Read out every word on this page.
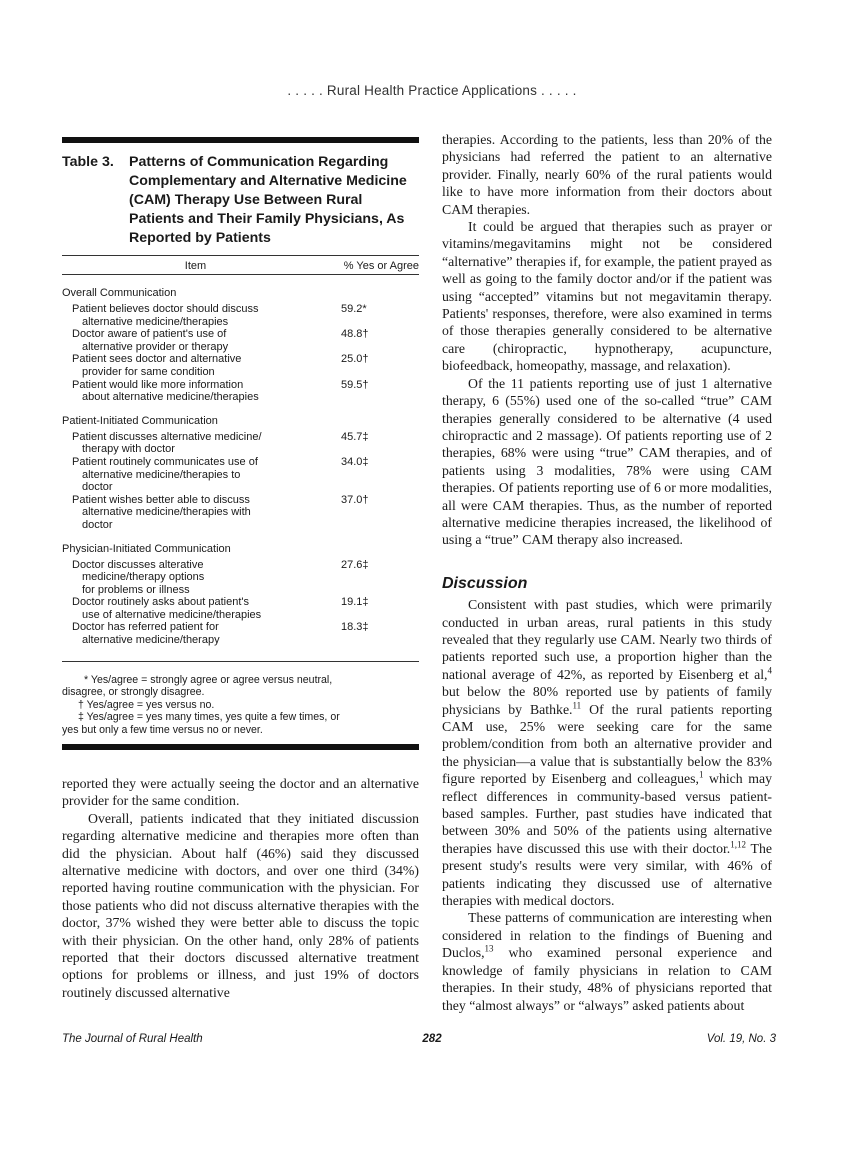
. . . . . Rural Health Practice Applications . . . . .
Table 3.	Patterns of Communication Regarding Complementary and Alternative Medicine (CAM) Therapy Use Between Rural Patients and Their Family Physicians, As Reported by Patients
Item	% Yes or Agree
Overall Communication
Patient believes doctor should discuss
alternative medicine/therapies
59.2*
Doctor aware of patient's use of
alternative provider or therapy
48.8†
Patient sees doctor and alternative
provider for same condition
25.0†
Patient would like more information
about alternative medicine/therapies
59.5†
Patient-Initiated Communication
Patient discusses alternative medicine/
therapy with doctor
45.7‡
Patient routinely communicates use of
alternative medicine/therapies to
doctor
34.0‡
Patient wishes better able to discuss
alternative medicine/therapies with
doctor
37.0†
Physician-Initiated Communication
Doctor discusses alterative
medicine/therapy options
for problems or illness
27.6‡
Doctor routinely asks about patient's
use of alternative medicine/therapies
19.1‡
Doctor has referred patient for
alternative medicine/therapy
18.3‡
* Yes/agree = strongly agree or agree versus neutral,
disagree, or strongly disagree.
† Yes/agree = yes versus no.
‡ Yes/agree = yes many times, yes quite a few times, or
yes but only a few time versus no or never.

reported they were actually seeing the doctor and an alternative provider for the same condition.

Overall, patients indicated that they initiated discussion regarding alternative medicine and therapies more often than did the physician. About half (46%) said they discussed alternative medicine with doctors, and over one third (34%) reported having routine communication with the physician. For those patients who did not discuss alternative therapies with the doctor, 37% wished they were better able to discuss the topic with their physician. On the other hand, only 28% of patients reported that their doctors discussed alternative treatment options for problems or illness, and just 19% of doctors routinely discussed alternative

therapies. According to the patients, less than 20% of the physicians had referred the patient to an alternative provider. Finally, nearly 60% of the rural patients would like to have more information from their doctors about CAM therapies.

It could be argued that therapies such as prayer or vitamins/megavitamins might not be considered “alternative” therapies if, for example, the patient prayed as well as going to the family doctor and/or if the patient was using “accepted” vitamins but not megavitamin therapy. Patients' responses, therefore, were also examined in terms of those therapies generally considered to be alternative care (chiropractic, hypnotherapy, acupuncture, biofeedback, homeopathy, massage, and relaxation).

Of the 11 patients reporting use of just 1 alternative therapy, 6 (55%) used one of the so-called “true” CAM therapies generally considered to be alternative (4 used chiropractic and 2 massage). Of patients reporting use of 2 therapies, 68% were using “true” CAM therapies, and of patients using 3 modalities, 78% were using CAM therapies. Of patients reporting use of 6 or more modalities, all were CAM therapies. Thus, as the number of reported alternative medicine therapies increased, the likelihood of using a “true” CAM therapy also increased.

Discussion

Consistent with past studies, which were primarily conducted in urban areas, rural patients in this study revealed that they regularly use CAM. Nearly two thirds of patients reported such use, a proportion higher than the national average of 42%, as reported by Eisenberg et al,$^4$ but below the 80% reported use by patients of family physicians by Bathke.$^{11}$ Of the rural patients reporting CAM use, 25% were seeking care for the same problem/condition from both an alternative provider and the physician—a value that is substantially below the 83% figure reported by Eisenberg and colleagues,$^1$ which may reflect differences in community-based versus patient-based samples. Further, past studies have indicated that between 30% and 50% of the patients using alternative therapies have discussed this use with their doctor.$^{1,12}$ The present study's results were very similar, with 46% of patients indicating they discussed use of alternative therapies with medical doctors.

These patterns of communication are interesting when considered in relation to the findings of Buening and Duclos,$^{13}$ who examined personal experience and knowledge of family physicians in relation to CAM therapies. In their study, 48% of physicians reported that they “almost always” or “always” asked patients about

The Journal of Rural Health	282	Vol. 19, No. 3
